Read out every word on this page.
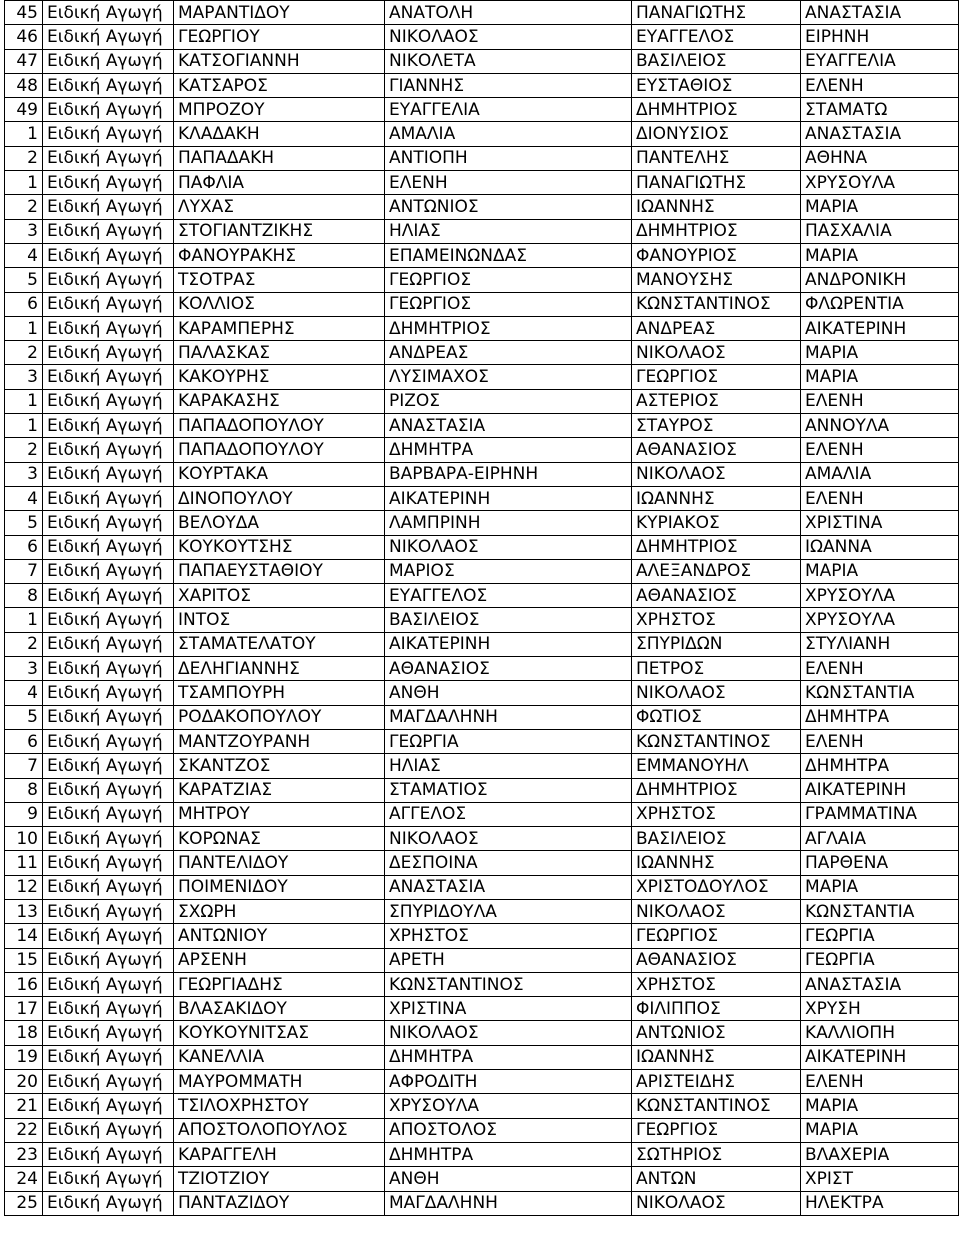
45	Ειδική Αγωγή	ΜΑΡΑΝΤΙΔΟΥ	ΑΝΑΤΟΛΗ	ΠΑΝΑΓΙΩΤΗΣ	ΑΝΑΣΤΑΣΙΑ
46	Ειδική Αγωγή	ΓΕΩΡΓΙΟΥ	ΝΙΚΟΛΑΟΣ	ΕΥΑΓΓΕΛΟΣ	ΕΙΡΗΝΗ
47	Ειδική Αγωγή	ΚΑΤΣΟΓΙΑΝΝΗ	ΝΙΚΟΛΕΤΑ	ΒΑΣΙΛΕΙΟΣ	ΕΥΑΓΓΕΛΙΑ
48	Ειδική Αγωγή	ΚΑΤΣΑΡΟΣ	ΓΙΑΝΝΗΣ	ΕΥΣΤΑΘΙΟΣ	ΕΛΕΝΗ
49	Ειδική Αγωγή	ΜΠΡΟΖΟΥ	ΕΥΑΓΓΕΛΙΑ	ΔΗΜΗΤΡΙΟΣ	ΣΤΑΜΑΤΩ
1	Ειδική Αγωγή	ΚΛΑΔΑΚΗ	ΑΜΑΛΙΑ	ΔΙΟΝΥΣΙΟΣ	ΑΝΑΣΤΑΣΙΑ
2	Ειδική Αγωγή	ΠΑΠΑΔΑΚΗ	ΑΝΤΙΟΠΗ	ΠΑΝΤΕΛΗΣ	ΑΘΗΝΑ
1	Ειδική Αγωγή	ΠΑΦΛΙΑ	ΕΛΕΝΗ	ΠΑΝΑΓΙΩΤΗΣ	ΧΡΥΣΟΥΛΑ
2	Ειδική Αγωγή	ΛΥΧΑΣ	ΑΝΤΩΝΙΟΣ	ΙΩΑΝΝΗΣ	ΜΑΡΙΑ
3	Ειδική Αγωγή	ΣΤΟΓΙΑΝΤΖΙΚΗΣ	ΗΛΙΑΣ	ΔΗΜΗΤΡΙΟΣ	ΠΑΣΧΑΛΙΑ
4	Ειδική Αγωγή	ΦΑΝΟΥΡΑΚΗΣ	ΕΠΑΜΕΙΝΩΝΔΑΣ	ΦΑΝΟΥΡΙΟΣ	ΜΑΡΙΑ
5	Ειδική Αγωγή	ΤΣΟΤΡΑΣ	ΓΕΩΡΓΙΟΣ	ΜΑΝΟΥΣΗΣ	ΑΝΔΡΟΝΙΚΗ
6	Ειδική Αγωγή	ΚΟΛΛΙΟΣ	ΓΕΩΡΓΙΟΣ	ΚΩΝΣΤΑΝΤΙΝΟΣ	ΦΛΩΡΕΝΤΙΑ
1	Ειδική Αγωγή	ΚΑΡΑΜΠΕΡΗΣ	ΔΗΜΗΤΡΙΟΣ	ΑΝΔΡΕΑΣ	ΑΙΚΑΤΕΡΙΝΗ
2	Ειδική Αγωγή	ΠΑΛΑΣΚΑΣ	ΑΝΔΡΕΑΣ	ΝΙΚΟΛΑΟΣ	ΜΑΡΙΑ
3	Ειδική Αγωγή	ΚΑΚΟΥΡΗΣ	ΛΥΣΙΜΑΧΟΣ	ΓΕΩΡΓΙΟΣ	ΜΑΡΙΑ
1	Ειδική Αγωγή	ΚΑΡΑΚΑΣΗΣ	ΡΙΖΟΣ	ΑΣΤΕΡΙΟΣ	ΕΛΕΝΗ
1	Ειδική Αγωγή	ΠΑΠΑΔΟΠΟΥΛΟΥ	ΑΝΑΣΤΑΣΙΑ	ΣΤΑΥΡΟΣ	ΑΝΝΟΥΛΑ
2	Ειδική Αγωγή	ΠΑΠΑΔΟΠΟΥΛΟΥ	ΔΗΜΗΤΡΑ	ΑΘΑΝΑΣΙΟΣ	ΕΛΕΝΗ
3	Ειδική Αγωγή	ΚΟΥΡΤΑΚΑ	ΒΑΡΒΑΡΑ-ΕΙΡΗΝΗ	ΝΙΚΟΛΑΟΣ	ΑΜΑΛΙΑ
4	Ειδική Αγωγή	ΔΙΝΟΠΟΥΛΟΥ	ΑΙΚΑΤΕΡΙΝΗ	ΙΩΑΝΝΗΣ	ΕΛΕΝΗ
5	Ειδική Αγωγή	ΒΕΛΟΥΔΑ	ΛΑΜΠΡΙΝΗ	ΚΥΡΙΑΚΟΣ	ΧΡΙΣΤΙΝΑ
6	Ειδική Αγωγή	ΚΟΥΚΟΥΤΣΗΣ	ΝΙΚΟΛΑΟΣ	ΔΗΜΗΤΡΙΟΣ	ΙΩΑΝΝΑ
7	Ειδική Αγωγή	ΠΑΠΑΕΥΣΤΑΘΙΟΥ	ΜΑΡΙΟΣ	ΑΛΕΞΑΝΔΡΟΣ	ΜΑΡΙΑ
8	Ειδική Αγωγή	ΧΑΡΙΤΟΣ	ΕΥΑΓΓΕΛΟΣ	ΑΘΑΝΑΣΙΟΣ	ΧΡΥΣΟΥΛΑ
1	Ειδική Αγωγή	ΙΝΤΟΣ	ΒΑΣΙΛΕΙΟΣ	ΧΡΗΣΤΟΣ	ΧΡΥΣΟΥΛΑ
2	Ειδική Αγωγή	ΣΤΑΜΑΤΕΛΑΤΟΥ	ΑΙΚΑΤΕΡΙΝΗ	ΣΠΥΡΙΔΩΝ	ΣΤΥΛΙΑΝΗ
3	Ειδική Αγωγή	ΔΕΛΗΓΙΑΝΝΗΣ	ΑΘΑΝΑΣΙΟΣ	ΠΕΤΡΟΣ	ΕΛΕΝΗ
4	Ειδική Αγωγή	ΤΣΑΜΠΟΥΡΗ	ΑΝΘΗ	ΝΙΚΟΛΑΟΣ	ΚΩΝΣΤΑΝΤΙΑ
5	Ειδική Αγωγή	ΡΟΔΑΚΟΠΟΥΛΟΥ	ΜΑΓΔΑΛΗΝΗ	ΦΩΤΙΟΣ	ΔΗΜΗΤΡΑ
6	Ειδική Αγωγή	ΜΑΝΤΖΟΥΡΑΝΗ	ΓΕΩΡΓΙΑ	ΚΩΝΣΤΑΝΤΙΝΟΣ	ΕΛΕΝΗ
7	Ειδική Αγωγή	ΣΚΑΝΤΖΟΣ	ΗΛΙΑΣ	ΕΜΜΑΝΟΥΗΛ	ΔΗΜΗΤΡΑ
8	Ειδική Αγωγή	ΚΑΡΑΤΖΙΑΣ	ΣΤΑΜΑΤΙΟΣ	ΔΗΜΗΤΡΙΟΣ	ΑΙΚΑΤΕΡΙΝΗ
9	Ειδική Αγωγή	ΜΗΤΡΟΥ	ΑΓΓΕΛΟΣ	ΧΡΗΣΤΟΣ	ΓΡΑΜΜΑΤΙΝΑ
10	Ειδική Αγωγή	ΚΟΡΩΝΑΣ	ΝΙΚΟΛΑΟΣ	ΒΑΣΙΛΕΙΟΣ	ΑΓΛΑΙΑ
11	Ειδική Αγωγή	ΠΑΝΤΕΛΙΔΟΥ	ΔΕΣΠΟΙΝΑ	ΙΩΑΝΝΗΣ	ΠΑΡΘΕΝΑ
12	Ειδική Αγωγή	ΠΟΙΜΕΝΙΔΟΥ	ΑΝΑΣΤΑΣΙΑ	ΧΡΙΣΤΟΔΟΥΛΟΣ	ΜΑΡΙΑ
13	Ειδική Αγωγή	ΣΧΩΡΗ	ΣΠΥΡΙΔΟΥΛΑ	ΝΙΚΟΛΑΟΣ	ΚΩΝΣΤΑΝΤΙΑ
14	Ειδική Αγωγή	ΑΝΤΩΝΙΟΥ	ΧΡΗΣΤΟΣ	ΓΕΩΡΓΙΟΣ	ΓΕΩΡΓΙΑ
15	Ειδική Αγωγή	ΑΡΣΕΝΗ	ΑΡΕΤΗ	ΑΘΑΝΑΣΙΟΣ	ΓΕΩΡΓΙΑ
16	Ειδική Αγωγή	ΓΕΩΡΓΙΑΔΗΣ	ΚΩΝΣΤΑΝΤΙΝΟΣ	ΧΡΗΣΤΟΣ	ΑΝΑΣΤΑΣΙΑ
17	Ειδική Αγωγή	ΒΛΑΣΑΚΙΔΟΥ	ΧΡΙΣΤΙΝΑ	ΦΙΛΙΠΠΟΣ	ΧΡΥΣΗ
18	Ειδική Αγωγή	ΚΟΥΚΟΥΝΙΤΣΑΣ	ΝΙΚΟΛΑΟΣ	ΑΝΤΩΝΙΟΣ	ΚΑΛΛΙΟΠΗ
19	Ειδική Αγωγή	ΚΑΝΕΛΛΙΑ	ΔΗΜΗΤΡΑ	ΙΩΑΝΝΗΣ	ΑΙΚΑΤΕΡΙΝΗ
20	Ειδική Αγωγή	ΜΑΥΡΟΜΜΑΤΗ	ΑΦΡΟΔΙΤΗ	ΑΡΙΣΤΕΙΔΗΣ	ΕΛΕΝΗ
21	Ειδική Αγωγή	ΤΣΙΛΟΧΡΗΣΤΟΥ	ΧΡΥΣΟΥΛΑ	ΚΩΝΣΤΑΝΤΙΝΟΣ	ΜΑΡΙΑ
22	Ειδική Αγωγή	ΑΠΟΣΤΟΛΟΠΟΥΛΟΣ	ΑΠΟΣΤΟΛΟΣ	ΓΕΩΡΓΙΟΣ	ΜΑΡΙΑ
23	Ειδική Αγωγή	ΚΑΡΑΓΓΕΛΗ	ΔΗΜΗΤΡΑ	ΣΩΤΗΡΙΟΣ	ΒΛΑΧΕΡΙΑ
24	Ειδική Αγωγή	ΤΖΙΟΤΖΙΟΥ	ΑΝΘΗ	ΑΝΤΩΝ	ΧΡΙΣΤ
25	Ειδική Αγωγή	ΠΑΝΤΑΖΙΔΟΥ	ΜΑΓΔΑΛΗΝΗ	ΝΙΚΟΛΑΟΣ	ΗΛΕΚΤΡΑ
